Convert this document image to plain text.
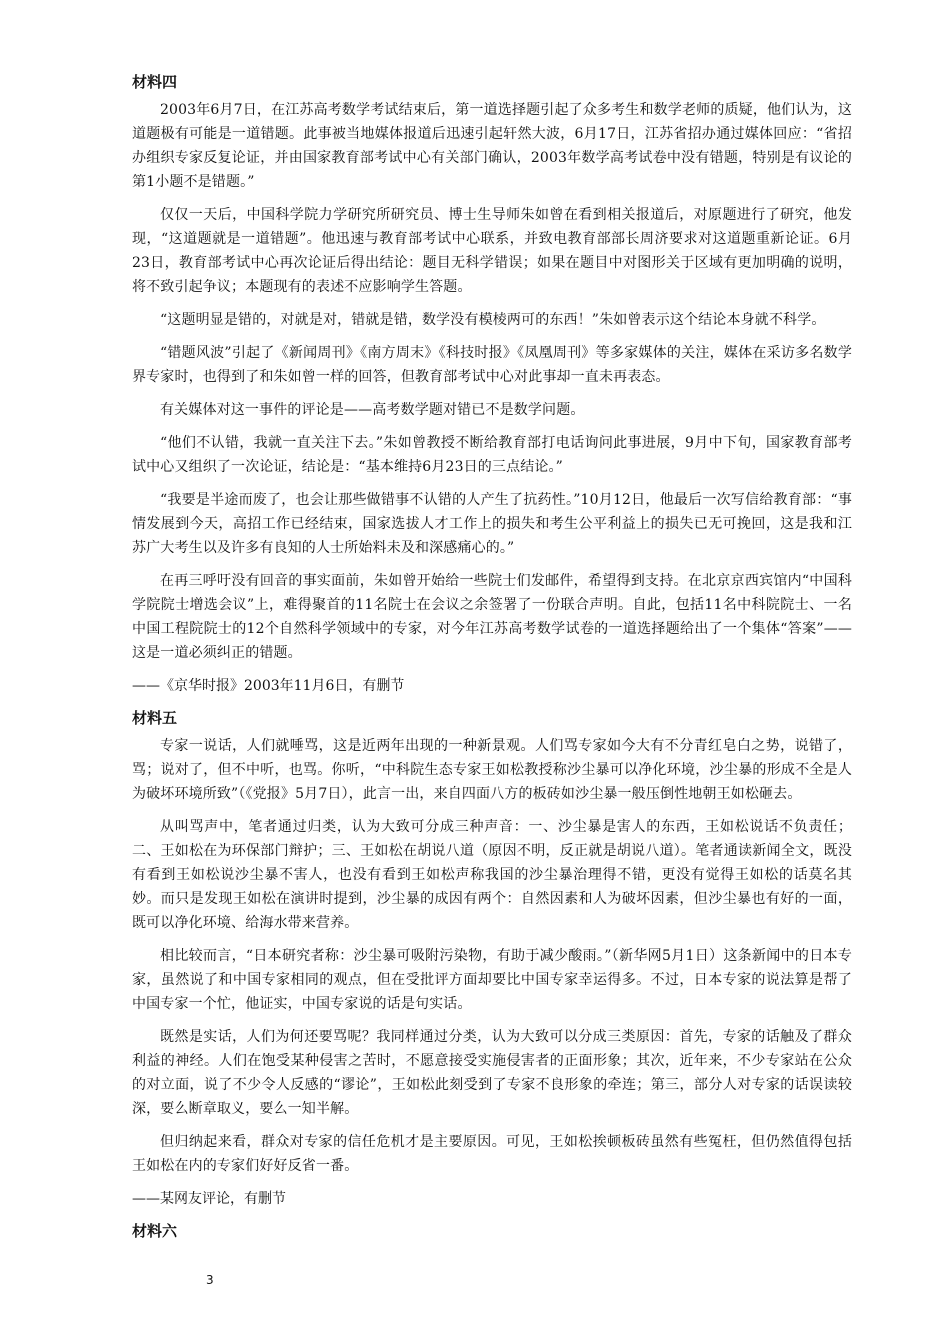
材料四

2003年6月7日，在江苏高考数学考试结束后，第一道选择题引起了众多考生和数学老师的质疑，他们认为，这道题极有可能是一道错题。此事被当地媒体报道后迅速引起轩然大波，6月17日，江苏省招办通过媒体回应：“省招办组织专家反复论证，并由国家教育部考试中心有关部门确认，2003年数学高考试卷中没有错题，特别是有议论的第1小题不是错题。”

仅仅一天后，中国科学院力学研究所研究员、博士生导师朱如曾在看到相关报道后，对原题进行了研究，他发现，“这道题就是一道错题”。他迅速与教育部考试中心联系，并致电教育部部长周济要求对这道题重新论证。6月23日，教育部考试中心再次论证后得出结论：题目无科学错误；如果在题目中对图形关于区域有更加明确的说明，将不致引起争议；本题现有的表述不应影响学生答题。

“这题明显是错的，对就是对，错就是错，数学没有模棱两可的东西！”朱如曾表示这个结论本身就不科学。

“错题风波”引起了《新闻周刊》《南方周末》《科技时报》《凤凰周刊》等多家媒体的关注，媒体在采访多名数学界专家时，也得到了和朱如曾一样的回答，但教育部考试中心对此事却一直未再表态。

有关媒体对这一事件的评论是——高考数学题对错已不是数学问题。

“他们不认错，我就一直关注下去。”朱如曾教授不断给教育部打电话询问此事进展，9月中下旬，国家教育部考试中心又组织了一次论证，结论是：“基本维持6月23日的三点结论。”

“我要是半途而废了，也会让那些做错事不认错的人产生了抗药性。”10月12日，他最后一次写信给教育部：“事情发展到今天，高招工作已经结束，国家选拔人才工作上的损失和考生公平利益上的损失已无可挽回，这是我和江苏广大考生以及许多有良知的人士所始料未及和深感痛心的。”

在再三呼吁没有回音的事实面前，朱如曾开始给一些院士们发邮件，希望得到支持。在北京京西宾馆内“中国科学院院士增选会议”上，难得聚首的11名院士在会议之余签署了一份联合声明。自此，包括11名中科院院士、一名中国工程院院士的12个自然科学领域中的专家，对今年江苏高考数学试卷的一道选择题给出了一个集体“答案”——这是一道必须纠正的错题。

——《京华时报》2003年11月6日，有删节

材料五

专家一说话，人们就唾骂，这是近两年出现的一种新景观。人们骂专家如今大有不分青红皂白之势，说错了，骂；说对了，但不中听，也骂。你听，“中科院生态专家王如松教授称沙尘暴可以净化环境，沙尘暴的形成不全是人为破坏环境所致”（《党报》5月7日），此言一出，来自四面八方的板砖如沙尘暴一般压倒性地朝王如松砸去。

从叫骂声中，笔者通过归类，认为大致可分成三种声音：一、沙尘暴是害人的东西，王如松说话不负责任；二、王如松在为环保部门辩护；三、王如松在胡说八道（原因不明，反正就是胡说八道）。笔者通读新闻全文，既没有看到王如松说沙尘暴不害人，也没有看到王如松声称我国的沙尘暴治理得不错，更没有觉得王如松的话莫名其妙。而只是发现王如松在演讲时提到，沙尘暴的成因有两个：自然因素和人为破坏因素，但沙尘暴也有好的一面，既可以净化环境、给海水带来营养。

相比较而言，“日本研究者称：沙尘暴可吸附污染物，有助于减少酸雨。”（新华网5月1日）这条新闻中的日本专家，虽然说了和中国专家相同的观点，但在受批评方面却要比中国专家幸运得多。不过，日本专家的说法算是帮了中国专家一个忙，他证实，中国专家说的话是句实话。

既然是实话，人们为何还要骂呢？我同样通过分类，认为大致可以分成三类原因：首先，专家的话触及了群众利益的神经。人们在饱受某种侵害之苦时，不愿意接受实施侵害者的正面形象；其次，近年来，不少专家站在公众的对立面，说了不少令人反感的“谬论”，王如松此刻受到了专家不良形象的牵连；第三，部分人对专家的话误读较深，要么断章取义，要么一知半解。

但归纳起来看，群众对专家的信任危机才是主要原因。可见，王如松挨顿板砖虽然有些冤枉，但仍然值得包括王如松在内的专家们好好反省一番。

——某网友评论，有删节

材料六
3
